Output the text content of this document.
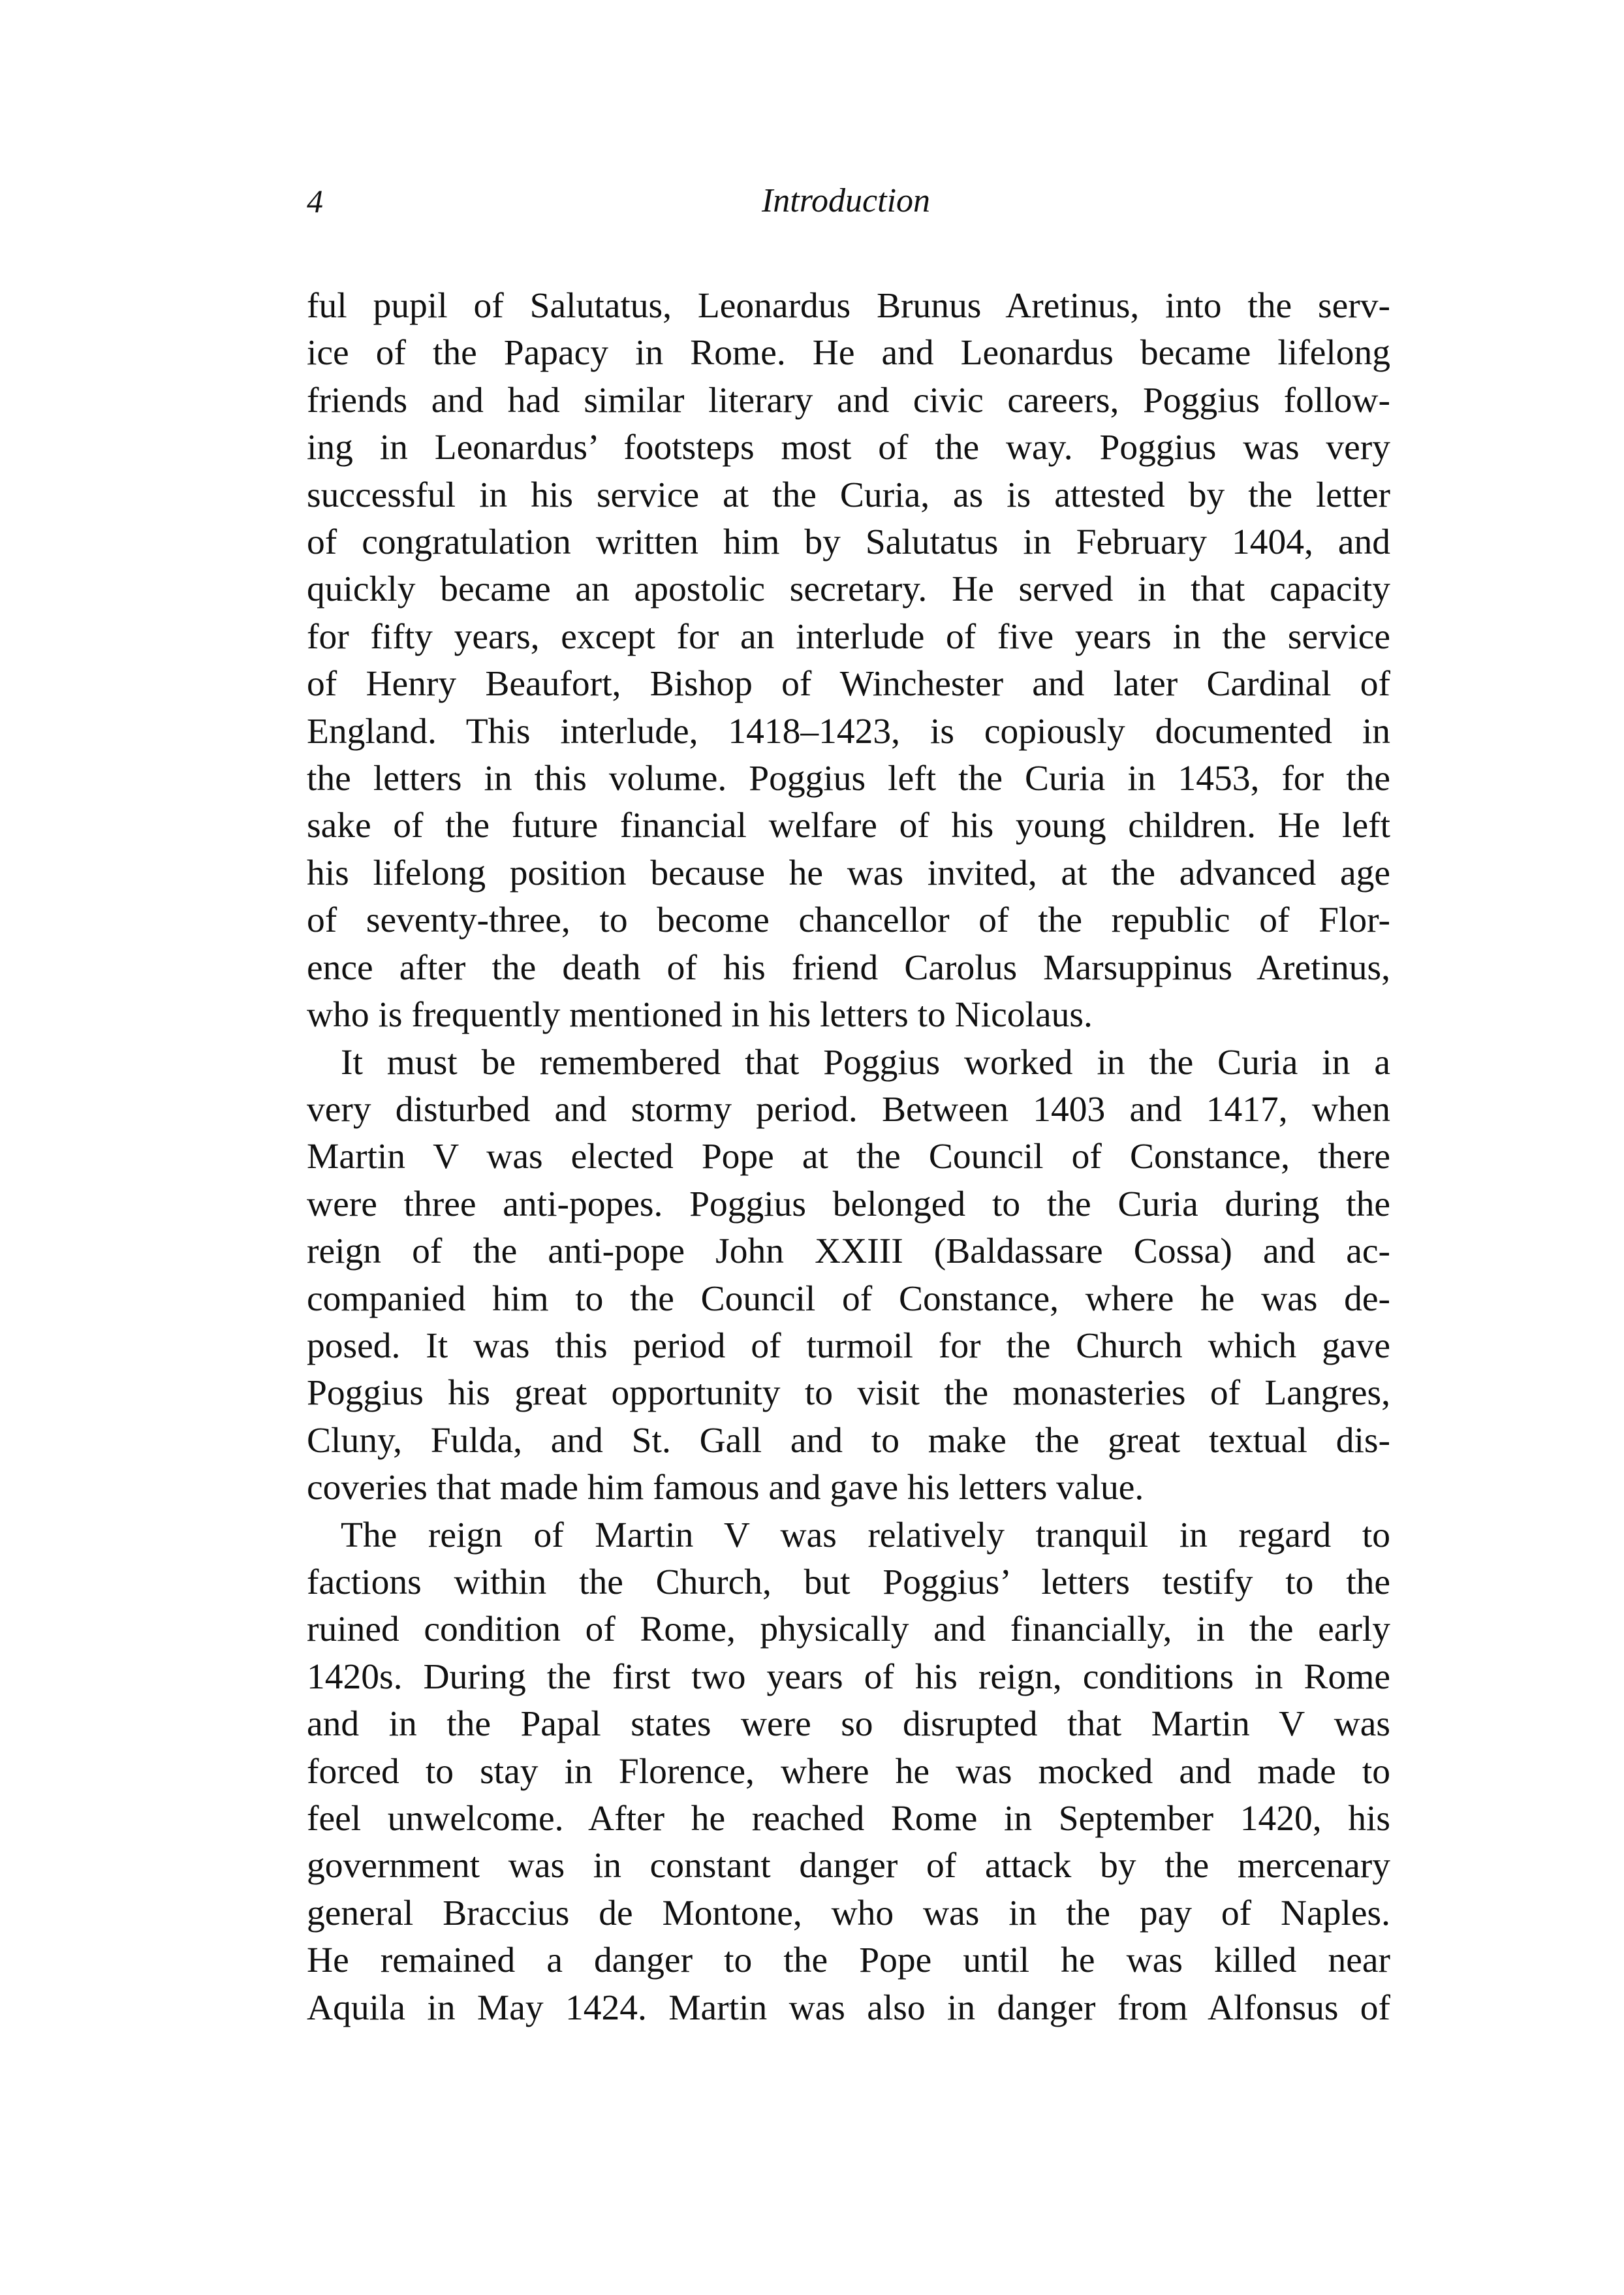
4	Introduction
ful pupil of Salutatus, Leonardus Brunus Aretinus, into the serv-
ice of the Papacy in Rome. He and Leonardus became lifelong
friends and had similar literary and civic careers, Poggius follow-
ing in Leonardus’ footsteps most of the way. Poggius was very
successful in his service at the Curia, as is attested by the letter
of congratulation written him by Salutatus in February 1404, and
quickly became an apostolic secretary. He served in that capacity
for fifty years, except for an interlude of five years in the service
of Henry Beaufort, Bishop of Winchester and later Cardinal of
England. This interlude, 1418–1423, is copiously documented in
the letters in this volume. Poggius left the Curia in 1453, for the
sake of the future financial welfare of his young children. He left
his lifelong position because he was invited, at the advanced age
of seventy-three, to become chancellor of the republic of Flor-
ence after the death of his friend Carolus Marsuppinus Aretinus,
who is frequently mentioned in his letters to Nicolaus.
It must be remembered that Poggius worked in the Curia in a
very disturbed and stormy period. Between 1403 and 1417, when
Martin V was elected Pope at the Council of Constance, there
were three anti-popes. Poggius belonged to the Curia during the
reign of the anti-pope John XXIII (Baldassare Cossa) and ac-
companied him to the Council of Constance, where he was de-
posed. It was this period of turmoil for the Church which gave
Poggius his great opportunity to visit the monasteries of Langres,
Cluny, Fulda, and St. Gall and to make the great textual dis-
coveries that made him famous and gave his letters value.
The reign of Martin V was relatively tranquil in regard to
factions within the Church, but Poggius’ letters testify to the
ruined condition of Rome, physically and financially, in the early
1420s. During the first two years of his reign, conditions in Rome
and in the Papal states were so disrupted that Martin V was
forced to stay in Florence, where he was mocked and made to
feel unwelcome. After he reached Rome in September 1420, his
government was in constant danger of attack by the mercenary
general Braccius de Montone, who was in the pay of Naples.
He remained a danger to the Pope until he was killed near
Aquila in May 1424. Martin was also in danger from Alfonsus of
